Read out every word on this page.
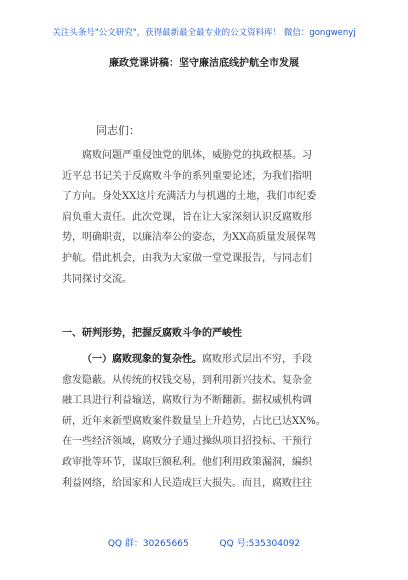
关注头条号"公文研究"，获得最新最全最专业的公文资料库！ 微信：gongwenyj
廉政党课讲稿：坚守廉洁底线护航全市发展
同志们：
腐败问题严重侵蚀党的肌体，威胁党的执政根基。习
近平总书记关于反腐败斗争的系列重要论述，为我们指明
了方向。身处XX这片充满活力与机遇的土地，我们市纪委
肩负重大责任。此次党课，旨在让大家深刻认识反腐败形
势，明确职责，以廉洁奉公的姿态，为XX高质量发展保驾
护航。借此机会，由我为大家做一堂党课报告，与同志们
共同探讨交流。
一、研判形势，把握反腐败斗争的严峻性
（一）腐败现象的复杂性。腐败形式层出不穷，手段
愈发隐蔽。从传统的权钱交易，到利用新兴技术、复杂金
融工具进行利益输送，腐败行为不断翻新。据权威机构调
研，近年来新型腐败案件数量呈上升趋势，占比已达XX%。
在一些经济领域，腐败分子通过操纵项目招投标、干预行
政审批等环节，谋取巨额私利。他们利用政策漏洞，编织
利益网络，给国家和人民造成巨大损失。而且，腐败往往
QQ 群：30265665	QQ 号:535304092
